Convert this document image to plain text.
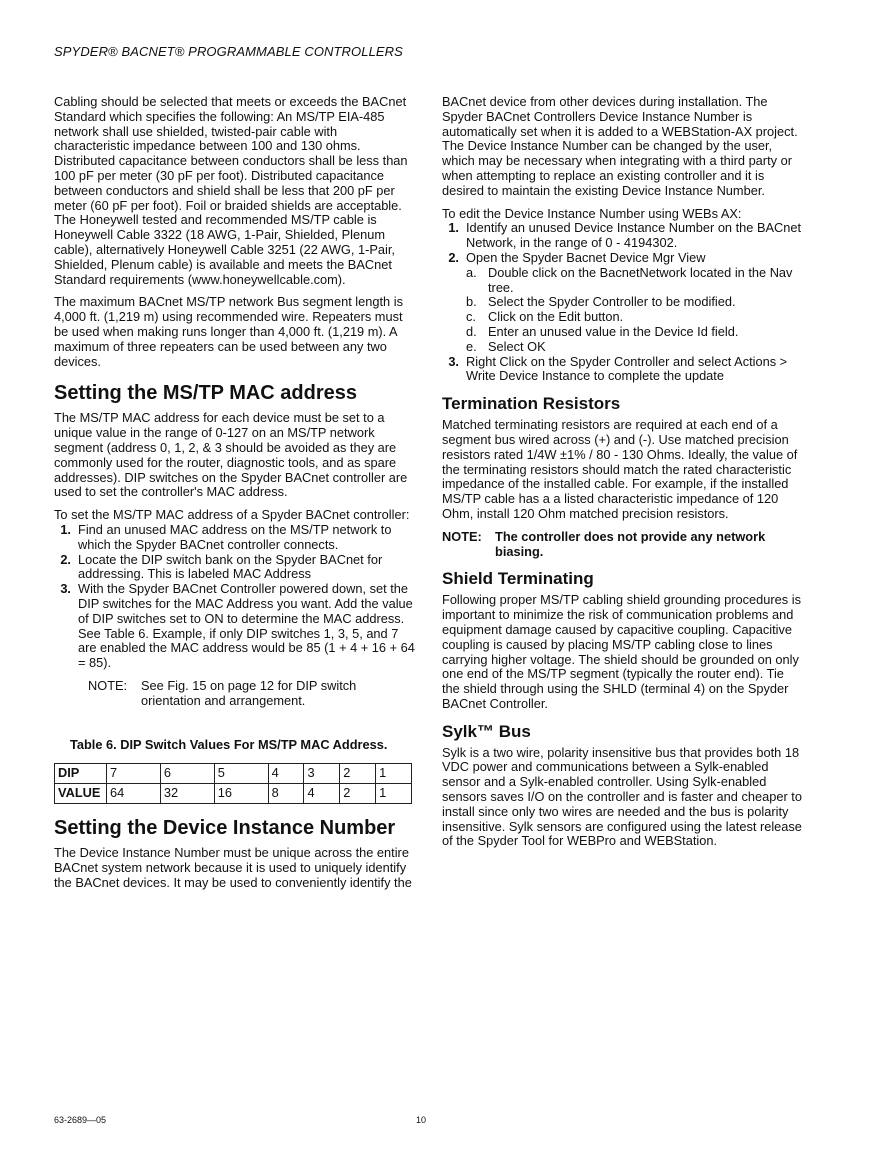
SPYDER® BACNET® PROGRAMMABLE CONTROLLERS

Cabling should be selected that meets or exceeds the BACnet Standard which specifies the following: An MS/TP EIA-485 network shall use shielded, twisted-pair cable with characteristic impedance between 100 and 130 ohms. Distributed capacitance between conductors shall be less than 100 pF per meter (30 pF per foot). Distributed capacitance between conductors and shield shall be less that 200 pF per meter (60 pF per foot). Foil or braided shields are acceptable. The Honeywell tested and recommended MS/TP cable is Honeywell Cable 3322 (18 AWG, 1-Pair, Shielded, Plenum cable), alternatively Honeywell Cable 3251 (22 AWG, 1-Pair, Shielded, Plenum cable) is available and meets the BACnet Standard requirements (www.honeywellcable.com).

The maximum BACnet MS/TP network Bus segment length is 4,000 ft. (1,219 m) using recommended wire. Repeaters must be used when making runs longer than 4,000 ft. (1,219 m). A maximum of three repeaters can be used between any two devices.

Setting the MS/TP MAC address

The MS/TP MAC address for each device must be set to a unique value in the range of 0-127 on an MS/TP network segment (address 0, 1, 2, & 3 should be avoided as they are commonly used for the router, diagnostic tools, and as spare addresses). DIP switches on the Spyder BACnet controller are used to set the controller's MAC address.

To set the MS/TP MAC address of a Spyder BACnet controller:

1. Find an unused MAC address on the MS/TP network to which the Spyder BACnet controller connects.
2. Locate the DIP switch bank on the Spyder BACnet for addressing. This is labeled MAC Address
3. With the Spyder BACnet Controller powered down, set the DIP switches for the MAC Address you want. Add the value of DIP switches set to ON to determine the MAC address. See Table 6. Example, if only DIP switches 1, 3, 5, and 7 are enabled the MAC address would be 85 (1 + 4 + 16 + 64 = 85).
NOTE:	See Fig. 15 on page 12 for DIP switch orientation and arrangement.
Table 6. DIP Switch Values For MS/TP MAC Address.
DIP	7	6	5	4	3	2	1
VALUE	64	32	16	8	4	2	1
Setting the Device Instance Number

The Device Instance Number must be unique across the entire BACnet system network because it is used to uniquely identify the BACnet devices. It may be used to conveniently identify the

BACnet device from other devices during installation. The Spyder BACnet Controllers Device Instance Number is automatically set when it is added to a WEBStation-AX project. The Device Instance Number can be changed by the user, which may be necessary when integrating with a third party or when attempting to replace an existing controller and it is desired to maintain the existing Device Instance Number.

To edit the Device Instance Number using WEBs AX:

1. Identify an unused Device Instance Number on the BACnet Network, in the range of 0 - 4194302.
2. Open the Spyder Bacnet Device Mgr View
a. Double click on the BacnetNetwork located in the Nav tree.
b. Select the Spyder Controller to be modified.
c. Click on the Edit button.
d. Enter an unused value in the Device Id field.
e. Select OK
3. Right Click on the Spyder Controller and select Actions > Write Device Instance to complete the update
Termination Resistors

Matched terminating resistors are required at each end of a segment bus wired across (+) and (-). Use matched precision resistors rated 1/4W ±1% / 80 - 130 Ohms. Ideally, the value of the terminating resistors should match the rated characteristic impedance of the installed cable. For example, if the installed MS/TP cable has a a listed characteristic impedance of 120 Ohm, install 120 Ohm matched precision resistors.

NOTE:	The controller does not provide any network biasing.
Shield Terminating

Following proper MS/TP cabling shield grounding procedures is important to minimize the risk of communication problems and equipment damage caused by capacitive coupling. Capacitive coupling is caused by placing MS/TP cabling close to lines carrying higher voltage. The shield should be grounded on only one end of the MS/TP segment (typically the router end). Tie the shield through using the SHLD (terminal 4) on the Spyder BACnet Controller.

Sylk™ Bus

Sylk is a two wire, polarity insensitive bus that provides both 18 VDC power and communications between a Sylk-enabled sensor and a Sylk-enabled controller. Using Sylk-enabled sensors saves I/O on the controller and is faster and cheaper to install since only two wires are needed and the bus is polarity insensitive. Sylk sensors are configured using the latest release of the Spyder Tool for WEBPro and WEBStation.

63-2689—05	10
